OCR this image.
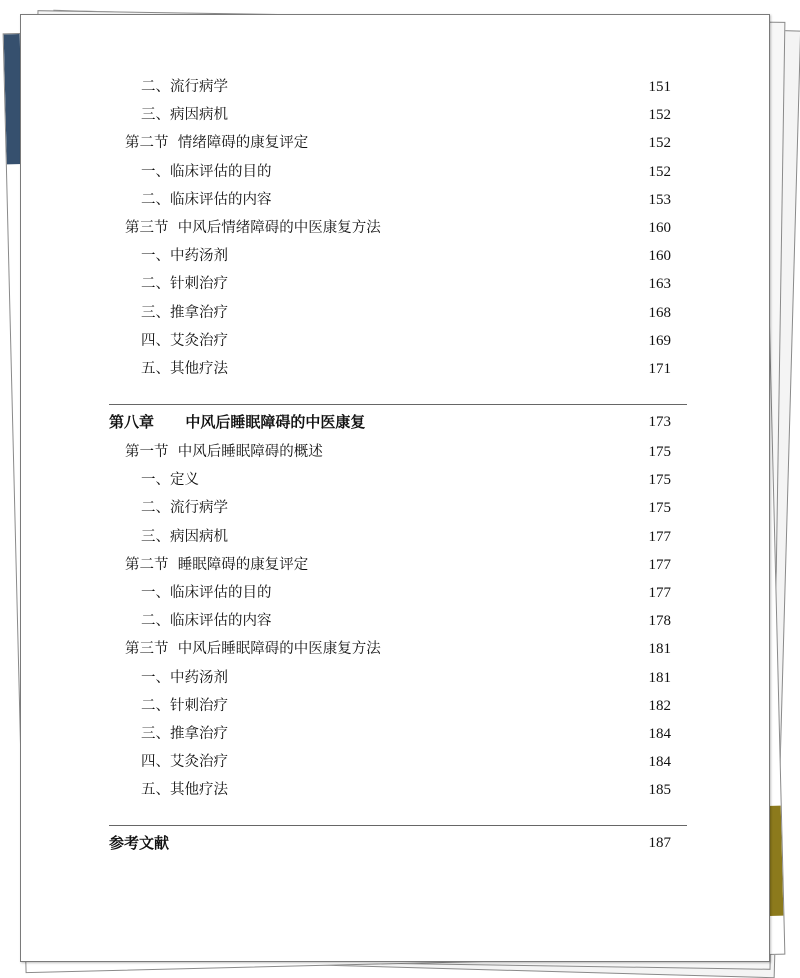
二、流行病学	151
三、病因病机	152
第二节  情绪障碍的康复评定	152
一、临床评估的目的	152
二、临床评估的内容	153
第三节  中风后情绪障碍的中医康复方法	160
一、中药汤剂	160
二、针刺治疗	163
三、推拿治疗	168
四、艾灸治疗	169
五、其他疗法	171
第八章      中风后睡眠障碍的中医康复	173
第一节  中风后睡眠障碍的概述	175
一、定义	175
二、流行病学	175
三、病因病机	177
第二节  睡眠障碍的康复评定	177
一、临床评估的目的	177
二、临床评估的内容	178
第三节  中风后睡眠障碍的中医康复方法	181
一、中药汤剂	181
二、针刺治疗	182
三、推拿治疗	184
四、艾灸治疗	184
五、其他疗法	185
参考文献	187
